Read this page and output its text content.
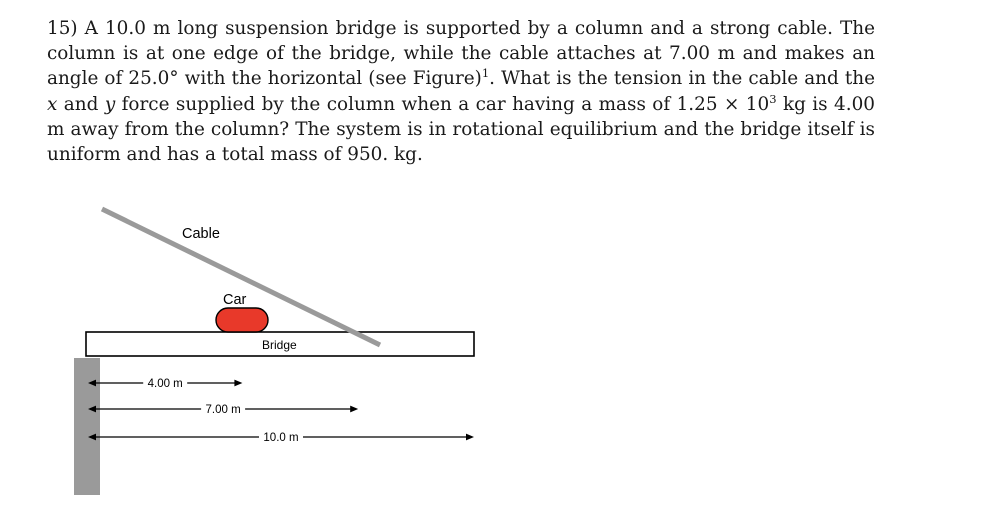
15) A 10.0 m long suspension bridge is supported by a column and a strong cable. The column is at one edge of the bridge, while the cable attaches at 7.00 m and makes an angle of 25.0° with the horizontal (see Figure)$^1$. What is the tension in the cable and the x and y force supplied by the column when a car having a mass of $1.25 \times 10^3$ kg is 4.00 m away from the column? The system is in rotational equilibrium and the bridge itself is uniform and has a total mass of 950. kg.
Cable
Car
Bridge
4.00 m
7.00 m
10.0 m
